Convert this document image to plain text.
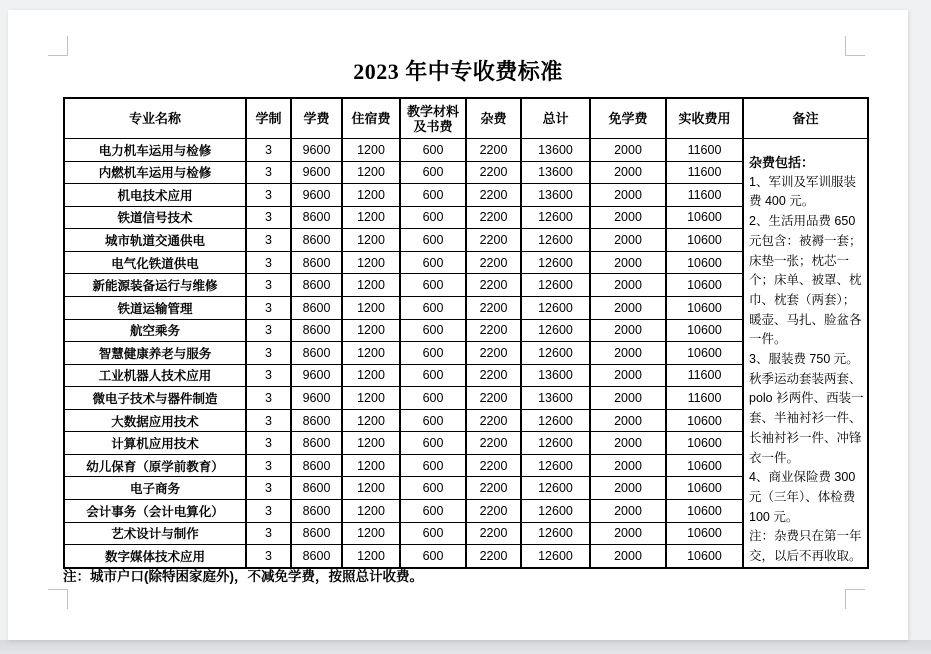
2023 年中专收费标准
专业名称	学制	学费	住宿费	教学材料及书费	杂费	总计	免学费	实收费用	备注
电力机车运用与检修	3	9600	1200	600	2200	13600	2000	11600	
杂费包括：
1、军训及军训服装费 400 元。
2、生活用品费 650 元包含：被褥一套；床垫一张；枕芯一个；床单、被罩、枕巾、枕套（两套）；暖壶、马扎、脸盆各一件。
3、服装费 750 元。秋季运动套装两套、polo 衫两件、西装一套、半袖衬衫一件、长袖衬衫一件、冲锋衣一件。
4、商业保险费 300 元（三年）、体检费 100 元。
注：杂费只在第一年交，以后不再收取。

内燃机车运用与检修	3	9600	1200	600	2200	13600	2000	11600	
机电技术应用	3	9600	1200	600	2200	13600	2000	11600	
铁道信号技术	3	8600	1200	600	2200	12600	2000	10600	
城市轨道交通供电	3	8600	1200	600	2200	12600	2000	10600	
电气化铁道供电	3	8600	1200	600	2200	12600	2000	10600	
新能源装备运行与维修	3	8600	1200	600	2200	12600	2000	10600	
铁道运输管理	3	8600	1200	600	2200	12600	2000	10600	
航空乘务	3	8600	1200	600	2200	12600	2000	10600	
智慧健康养老与服务	3	8600	1200	600	2200	12600	2000	10600	
工业机器人技术应用	3	9600	1200	600	2200	13600	2000	11600	
微电子技术与器件制造	3	9600	1200	600	2200	13600	2000	11600	
大数据应用技术	3	8600	1200	600	2200	12600	2000	10600	
计算机应用技术	3	8600	1200	600	2200	12600	2000	10600	
幼儿保育（原学前教育）	3	8600	1200	600	2200	12600	2000	10600	
电子商务	3	8600	1200	600	2200	12600	2000	10600	
会计事务（会计电算化）	3	8600	1200	600	2200	12600	2000	10600	
艺术设计与制作	3	8600	1200	600	2200	12600	2000	10600	
数字媒体技术应用	3	8600	1200	600	2200	12600	2000	10600	
注：城市户口(除特困家庭外)，不减免学费，按照总计收费。
